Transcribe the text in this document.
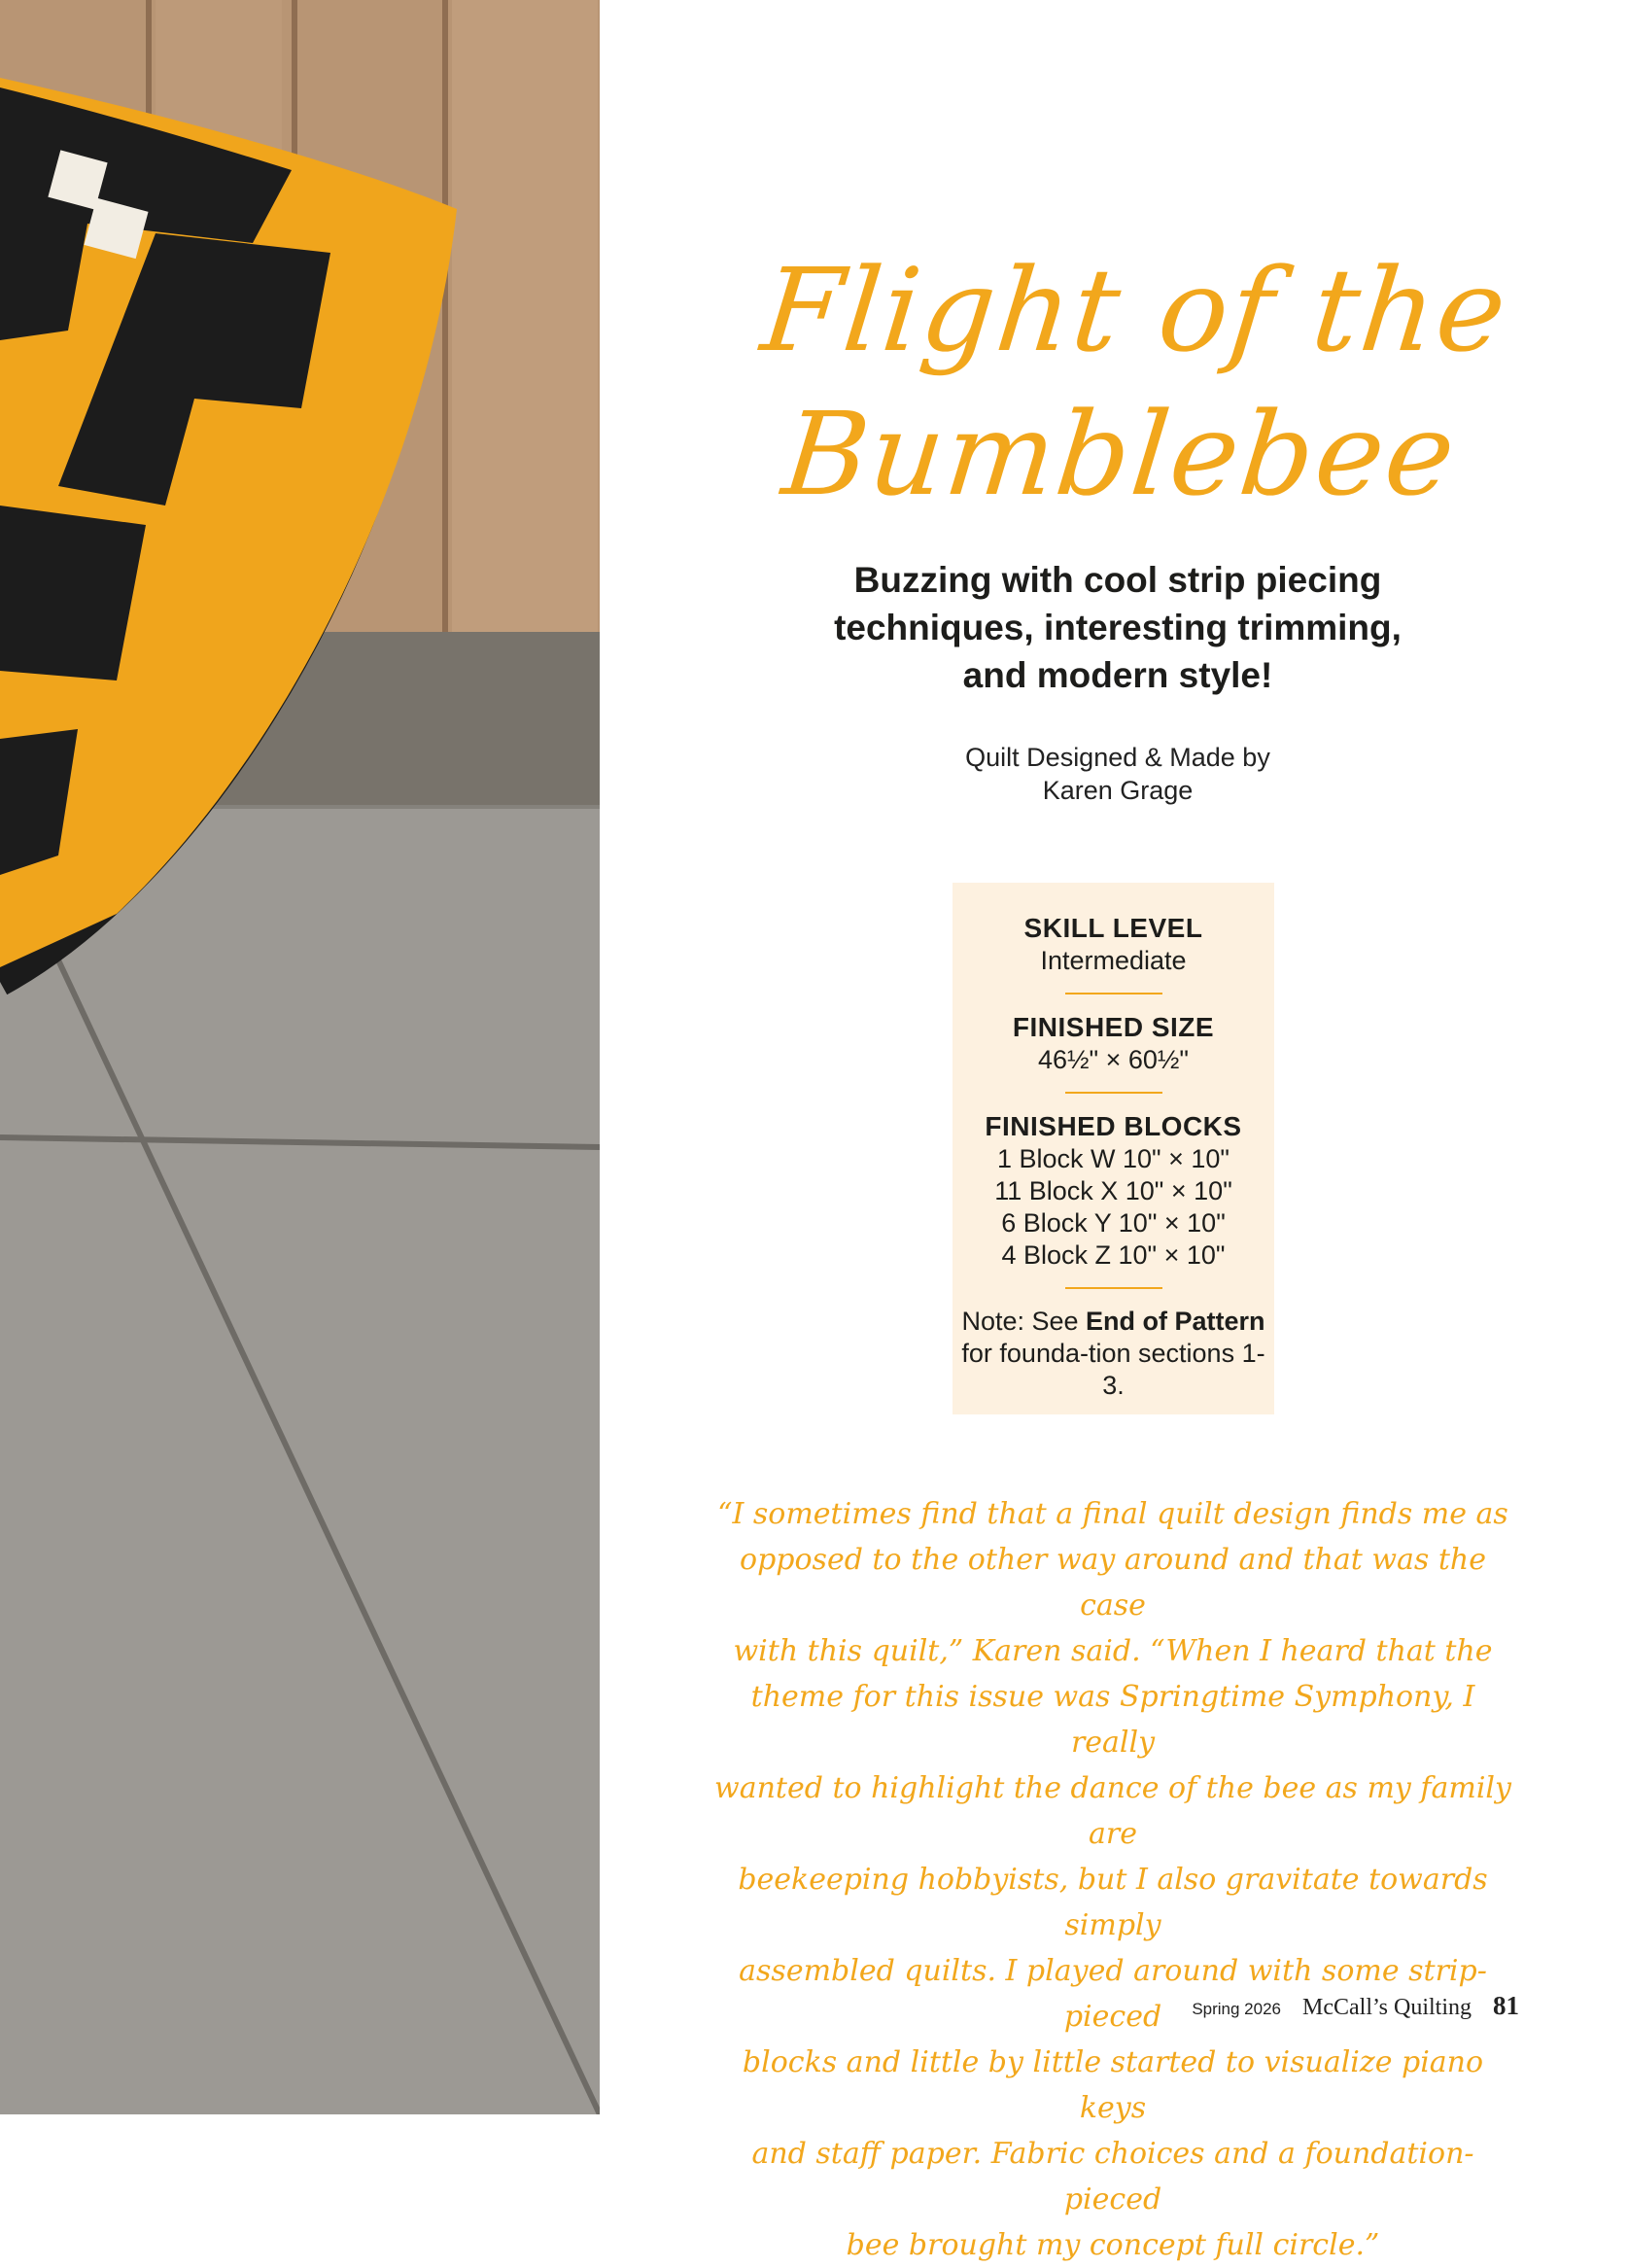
Flight of the
Bumblebee
Buzzing with cool strip piecing
techniques, interesting trimming,
and modern style!
Quilt Designed & Made by
Karen Grage
SKILL LEVEL
Intermediate
FINISHED SIZE
46½" × 60½"
FINISHED BLOCKS
1 Block W 10" × 10"
11 Block X 10" × 10"
6 Block Y 10" × 10"
4 Block Z 10" × 10"
Note: See End of Pattern for founda-tion sections 1-3.
“I sometimes find that a final quilt design finds me as
opposed to the other way around and that was the case
with this quilt,” Karen said. “When I heard that the
theme for this issue was Springtime Symphony, I really
wanted to highlight the dance of the bee as my family are
beekeeping hobbyists, but I also gravitate towards simply
assembled quilts. I played around with some strip-pieced
blocks and little by little started to visualize piano keys
and staff paper. Fabric choices and a foundation-pieced
bee brought my concept full circle.”
Spring 2026 McCall’s Quilting 81
